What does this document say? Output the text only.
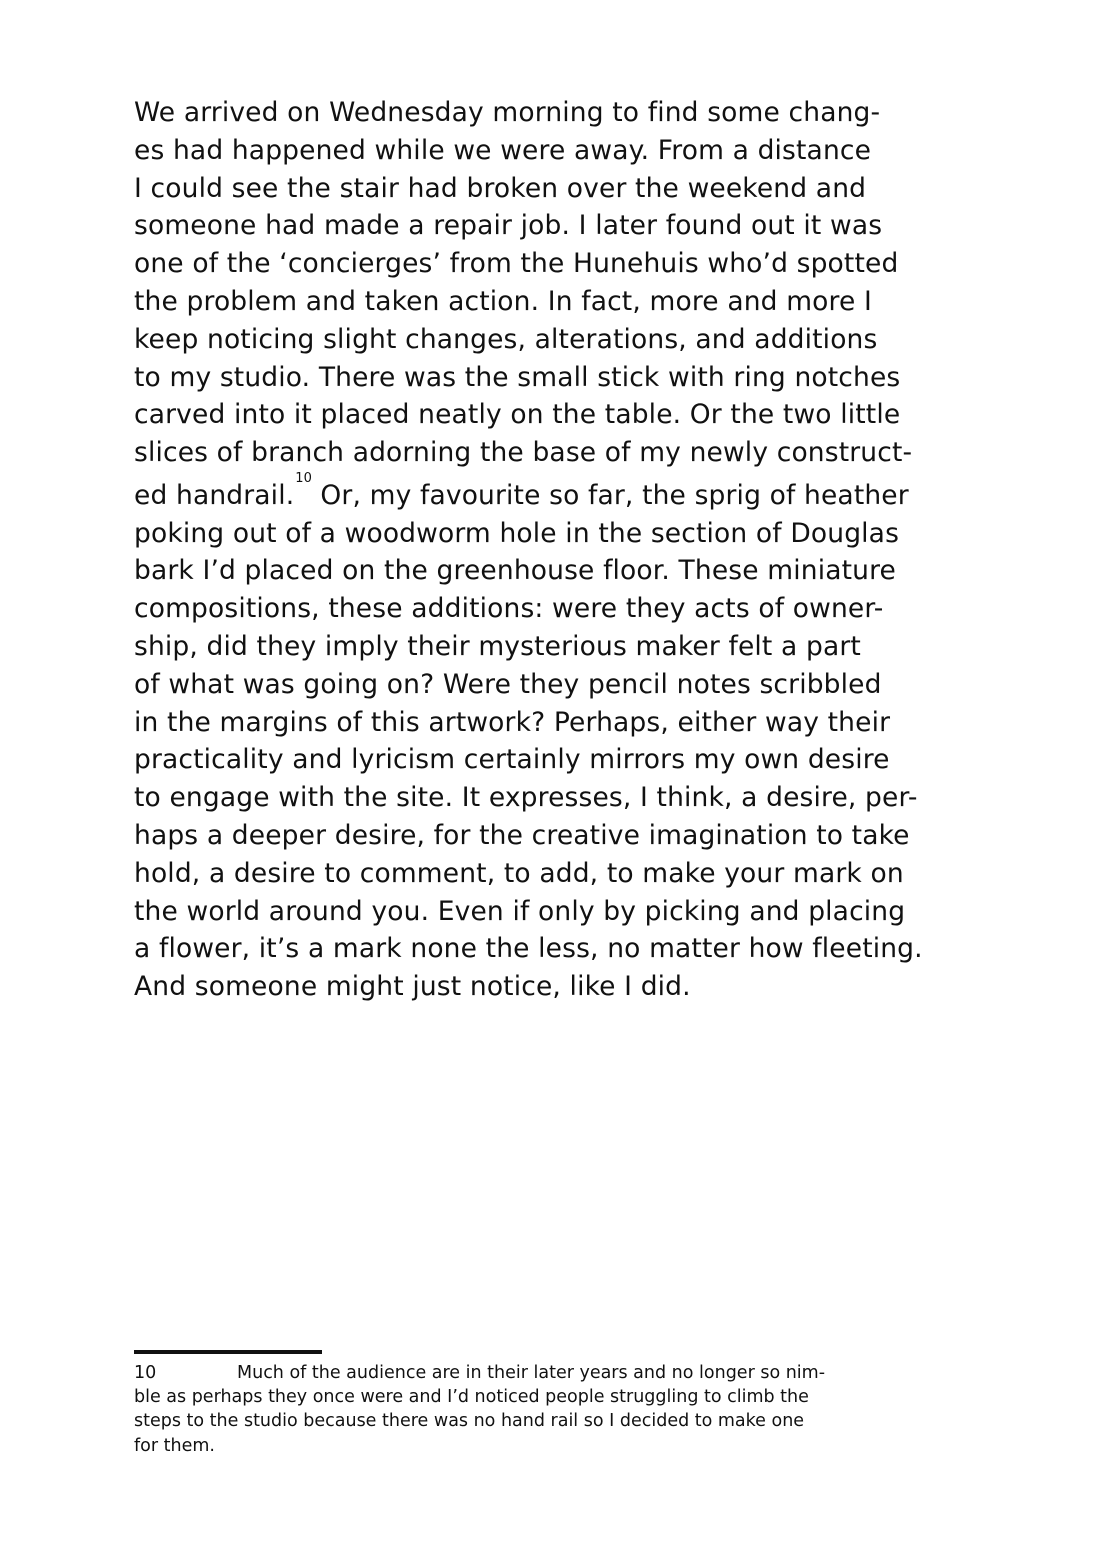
We arrived on Wednesday morning to find some chang-
es had happened while we were away. From a distance
I could see the stair had broken over the weekend and
someone had made a repair job. I later found out it was
one of the ‘concierges’ from the Hunehuis who’d spotted
the problem and taken action. In fact, more and more I
keep noticing slight changes, alterations, and additions
to my studio. There was the small stick with ring notches
carved into it placed neatly on the table. Or the two little
slices of branch adorning the base of my newly construct-
ed handrail.$^{10}$ Or, my favourite so far, the sprig of heather
poking out of a woodworm hole in the section of Douglas
bark I’d placed on the greenhouse floor. These miniature
compositions, these additions: were they acts of owner-
ship, did they imply their mysterious maker felt a part
of what was going on? Were they pencil notes scribbled
in the margins of this artwork? Perhaps, either way their
practicality and lyricism certainly mirrors my own desire
to engage with the site. It expresses, I think, a desire, per-
haps a deeper desire, for the creative imagination to take
hold, a desire to comment, to add, to make your mark on
the world around you. Even if only by picking and placing
a flower, it’s a mark none the less, no matter how fleeting.
And someone might just notice, like I did.
10	Much of the audience are in their later years and no longer so nim-
ble as perhaps they once were and I’d noticed people struggling to climb the
steps to the studio because there was no hand rail so I decided to make one
for them.
